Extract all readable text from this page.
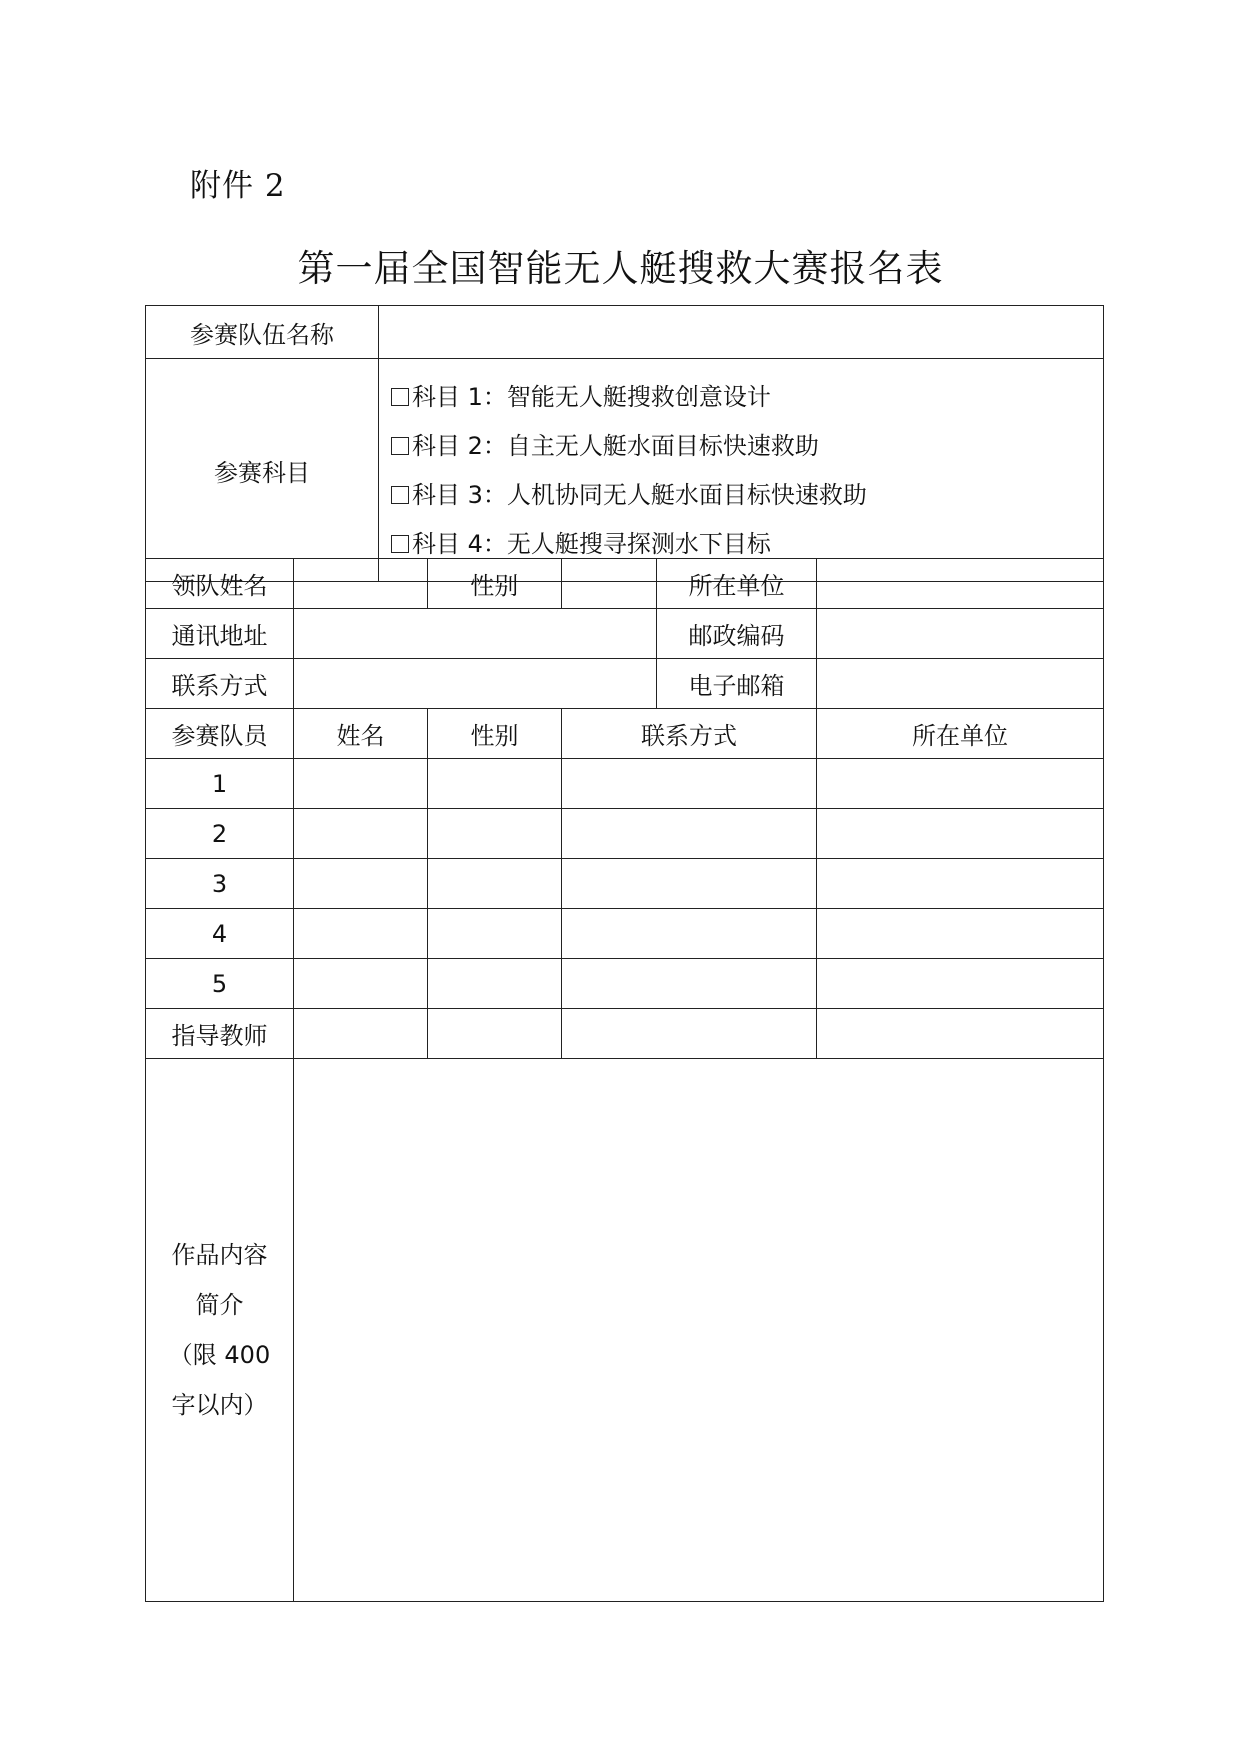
附件 2
第一届全国智能无人艇搜救大赛报名表
参赛队伍名称	
参赛科目	科目 1：智能无人艇搜救创意设计
科目 2：自主无人艇水面目标快速救助
科目 3：人机协同无人艇水面目标快速救助
科目 4：无人艇搜寻探测水下目标
领队姓名	性别		所在单位	

通讯地址	邮政编码			

联系方式	电子邮箱			

参赛队员	姓名	性别	联系方式	所在单位
1				
2				
3				
4				
5				
指导教师				

作品内容
简介
（限 400
字以内）				
